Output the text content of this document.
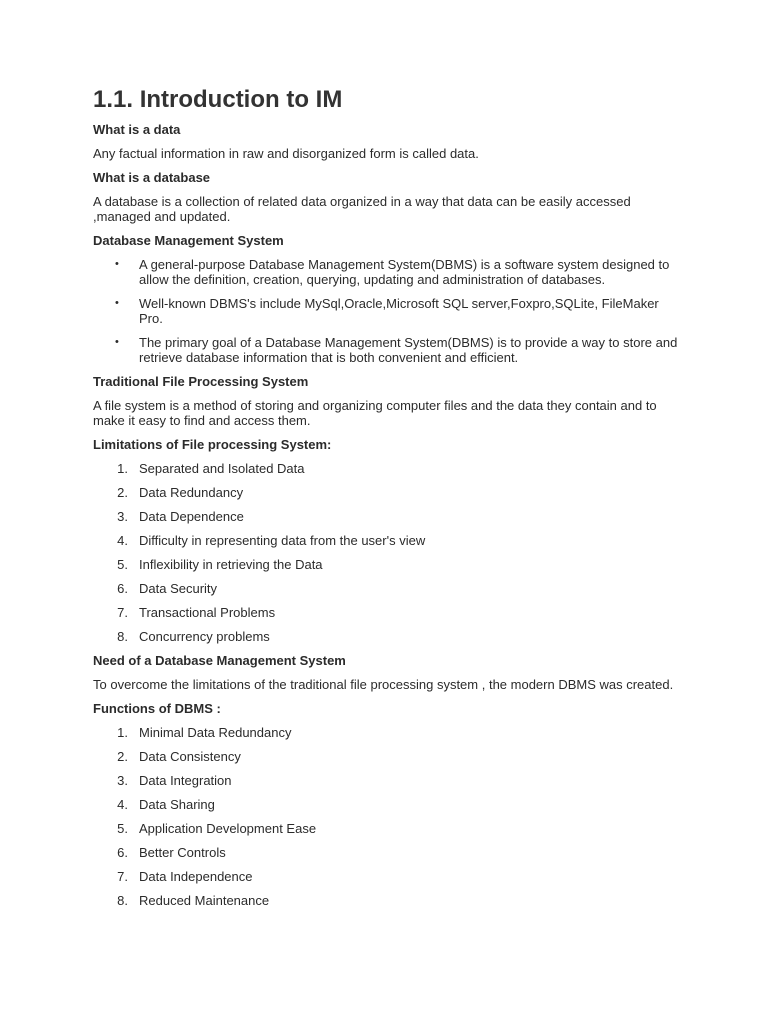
1.1. Introduction to IM
What is a data
Any factual information in raw and disorganized form is called data.
What is a database
A database is a collection of related data organized in a way that data can be easily accessed ,managed and updated.
Database Management System
• A general-purpose Database Management System(DBMS) is a software system designed to allow the definition, creation, querying, updating and administration of databases.
• Well-known DBMS's include MySql,Oracle,Microsoft SQL server,Foxpro,SQLite, FileMaker Pro.
• The primary goal of a Database Management System(DBMS) is to provide a way to store and retrieve database information that is both convenient and efficient.
Traditional File Processing System
A file system is a method of storing and organizing computer files and the data they contain and to make it easy to find and access them.
Limitations of File processing System:
1. Separated and Isolated Data
2. Data Redundancy
3. Data Dependence
4. Difficulty in representing data from the user's view
5. Inflexibility in retrieving the Data
6. Data Security
7. Transactional Problems
8. Concurrency problems
Need of a Database Management System
To overcome the limitations of the traditional file processing system , the modern DBMS was created.
Functions of DBMS :
1. Minimal Data Redundancy
2. Data Consistency
3. Data Integration
4. Data Sharing
5. Application Development Ease
6. Better Controls
7. Data Independence
8. Reduced Maintenance
